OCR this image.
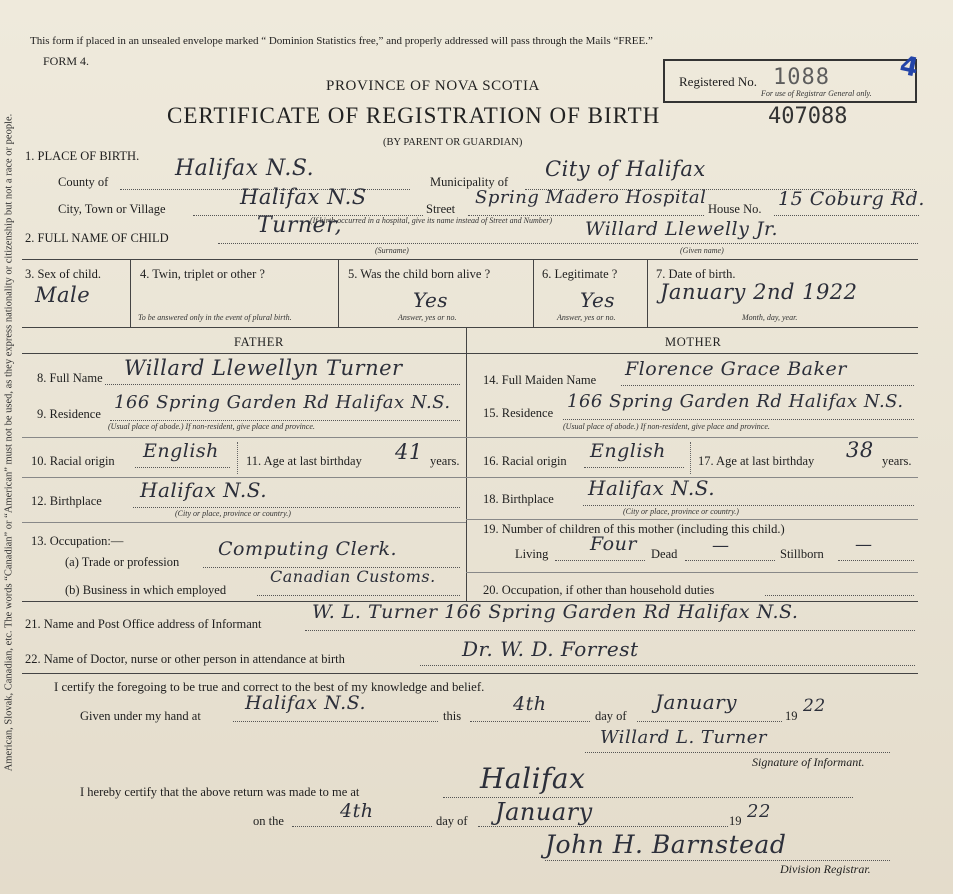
American, Slovak, Canadian, etc. The words “Canadian” or “American” must not be used, as they express nationality or citizenship but not a race or people.
This form if placed in an unsealed envelope marked “ Dominion Statistics free,” and properly addressed will pass through the Mails “FREE.”
FORM 4.
Registered No. 1088
For use of Registrar General only.
4
PROVINCE OF NOVA SCOTIA
CERTIFICATE OF REGISTRATION OF BIRTH	407088
(BY PARENT OR GUARDIAN)
1. PLACE OF BIRTH.
County of
Halifax N.S.
Municipality of
City of Halifax
City, Town or Village	Halifax N.S	Street
Spring Madero Hospital
House No. 15 Coburg Rd.
(If birth occurred in a hospital, give its name instead of Street and Number)
2. FULL NAME OF CHILD	Turner,
(Surname)
Willard Llewelly Jr.
(Given name)
3. Sex of child.
Male
4. Twin, triplet or other ?
To be answered only in the event of plural birth.
5. Was the child born alive ?
Yes
Answer, yes or no.
6. Legitimate ?
Yes
Answer, yes or no.
7. Date of birth.
January 2nd 1922
Month, day, year.
FATHER	MOTHER
8. Full Name Willard Llewellyn Turner
9. Residence
166 Spring Garden Rd Halifax N.S.
(Usual place of abode.) If non-resident, give place and province.
10. Racial origin English 11. Age at last birthday 41 years.
12. Birthplace Halifax N.S.
(City or place, province or country.)
13. Occupation:—
(a) Trade or profession
Computing Clerk.
(b) Business in which employed
Canadian Customs.
14. Full Maiden Name Florence Grace Baker
15. Residence
166 Spring Garden Rd Halifax N.S.
(Usual place of abode.) If non-resident, give place and province.
16. Racial origin English	17. Age at last birthday 38 years.
18. Birthplace Halifax N.S.
(City or place, province or country.)
19. Number of children of this mother (including this child.)
Living Four Dead —	Stillborn —
20. Occupation, if other than household duties
21. Name and Post Office address of Informant
W. L. Turner 166 Spring Garden Rd Halifax N.S.
22. Name of Doctor, nurse or other person in attendance at birth	Dr. W. D. Forrest
I certify the foregoing to be true and correct to the best of my knowledge and belief.
Given under my hand at
Halifax N.S.
this
4th
day of
January
19 22
Willard L. Turner
Signature of Informant.
I hereby certify that the above return was made to me at	Halifax
on the	4th	day of January	19 22
John H. Barnstead
Division Registrar.
